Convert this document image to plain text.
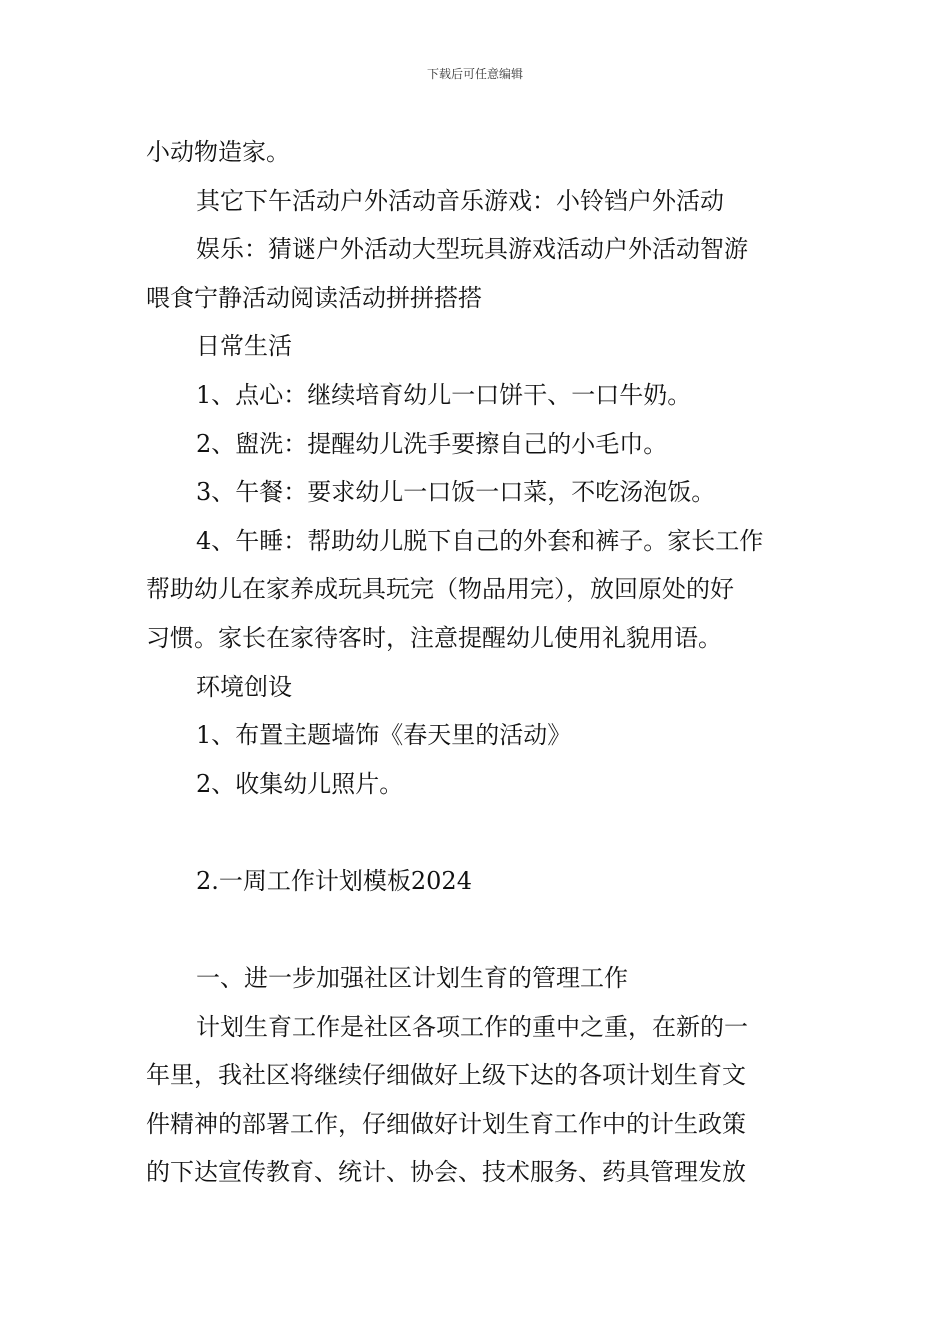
下载后可任意编辑

小动物造家。

其它下午活动户外活动音乐游戏：小铃铛户外活动

娱乐：猜谜户外活动大型玩具游戏活动户外活动智游

喂食宁静活动阅读活动拼拼搭搭

日常生活

1、点心：继续培育幼儿一口饼干、一口牛奶。

2、盥洗：提醒幼儿洗手要擦自己的小毛巾。

3、午餐：要求幼儿一口饭一口菜，不吃汤泡饭。

4、午睡：帮助幼儿脱下自己的外套和裤子。家长工作

帮助幼儿在家养成玩具玩完（物品用完），放回原处的好

习惯。家长在家待客时，注意提醒幼儿使用礼貌用语。

环境创设

1、布置主题墙饰《春天里的活动》

2、收集幼儿照片。

2.一周工作计划模板2024

一、进一步加强社区计划生育的管理工作

计划生育工作是社区各项工作的重中之重，在新的一

年里，我社区将继续仔细做好上级下达的各项计划生育文

件精神的部署工作，仔细做好计划生育工作中的计生政策

的下达宣传教育、统计、协会、技术服务、药具管理发放
